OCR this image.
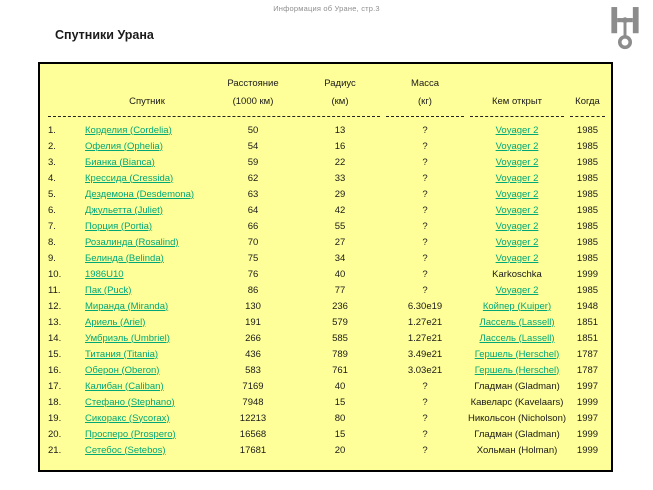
Информация об Уране, стр.3
Спутники Урана
		Расстояние	Радиус	Масса		
	Спутник	(1000 км)	(км)	(кг)	Кем открыт	Когда

1.	Корделия (Cordelia)	50	13	?	Voyager 2	1985
2.	Офелия (Ophelia)	54	16	?	Voyager 2	1985
3.	Бианка (Bianca)	59	22	?	Voyager 2	1985
4.	Крессида (Cressida)	62	33	?	Voyager 2	1985
5.	Дездемона (Desdemona)	63	29	?	Voyager 2	1985
6.	Джульетта (Juliet)	64	42	?	Voyager 2	1985
7.	Порция (Portia)	66	55	?	Voyager 2	1985
8.	Розалинда (Rosalind)	70	27	?	Voyager 2	1985
9.	Белинда (Belinda)	75	34	?	Voyager 2	1985
10.	1986U10	76	40	?	Karkoschka	1999
11.	Пак (Puck)	86	77	?	Voyager 2	1985
12.	Миранда (Miranda)	130	236	6.30e19	Койпер (Kuiper)	1948
13.	Ариель (Ariel)	191	579	1.27e21	Лассель (Lassell)	1851
14.	Умбриэль (Umbriel)	266	585	1.27e21	Лассель (Lassell)	1851
15.	Титания (Titania)	436	789	3.49e21	Гершель (Herschel)	1787
16.	Оберон (Oberon)	583	761	3.03e21	Гершель (Herschel)	1787
17.	Калибан (Caliban)	7169	40	?	Гладман (Gladman)	1997
18.	Стефано (Stephano)	7948	15	?	Кавеларс (Kavelaars)	1999
19.	Сикоракс (Sycorax)	12213	80	?	Никольсон (Nicholson)	1997
20.	Просперо (Prospero)	16568	15	?	Гладман (Gladman)	1999
21.	Сетебос (Setebos)	17681	20	?	Хольман (Holman)	1999
